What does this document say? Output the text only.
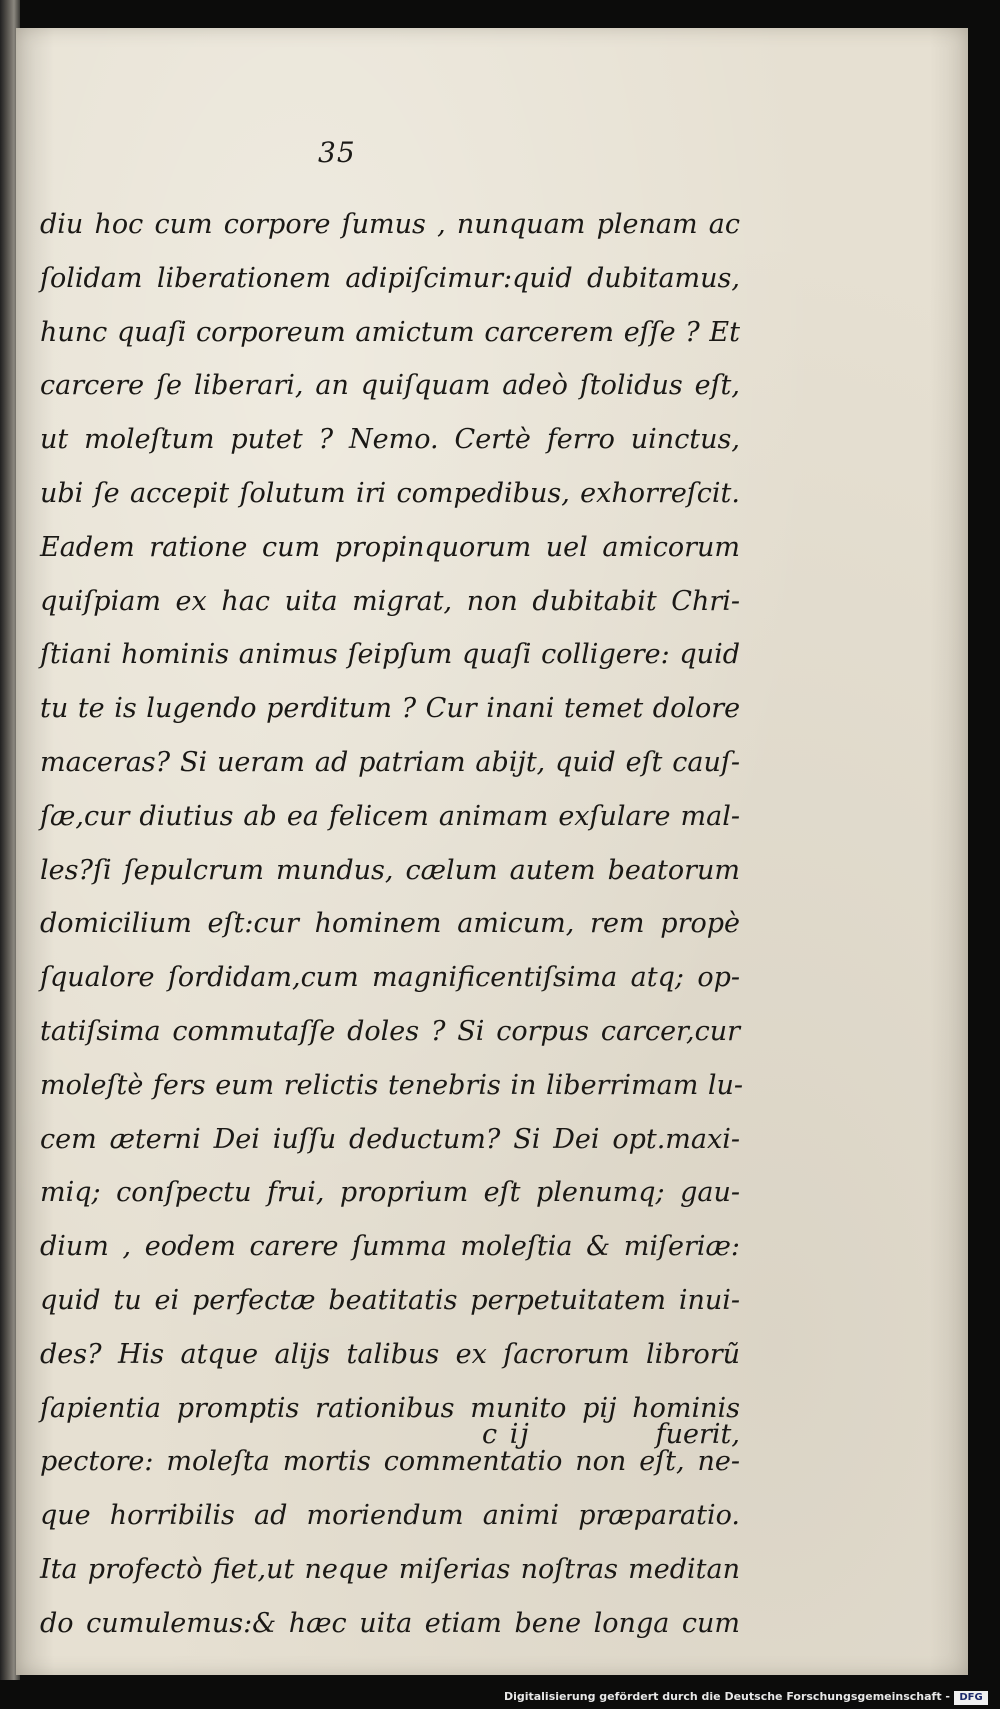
35
diu hoc cum corpore ſumus , nunquam plenam ac
ſolidam liberationem adipiſcimur:quid dubitamus,
hunc quaſi corporeum amictum carcerem eſſe ? Et
carcere ſe liberari, an quiſquam adeò ſtolidus eſt,
ut moleſtum putet ? Nemo. Certè ferro uinctus,
ubi ſe accepit ſolutum iri compedibus, exhorreſcit.
Eadem ratione cum propinquorum uel amicorum
quiſpiam ex hac uita migrat, non dubitabit Chri-
ſtiani hominis animus ſeipſum quaſi colligere: quid
tu te is lugendo perditum ? Cur inani temet dolore
maceras? Si ueram ad patriam abijt, quid eſt cauſ-
ſæ,cur diutius ab ea felicem animam exſulare mal-
les?ſi ſepulcrum mundus, cælum autem beatorum
domicilium eſt:cur hominem amicum, rem propè
ſqualore ſordidam,cum magnificentiſsima atq; op-
tatiſsima commutaſſe doles ? Si corpus carcer,cur
moleſtè fers eum relictis tenebris in liberrimam lu-
cem æterni Dei iuſſu deductum? Si Dei opt.maxi-
miq; conſpectu frui, proprium eſt plenumq; gau-
dium , eodem carere ſumma moleſtia & miſeriæ:
quid tu ei perfectæ beatitatis perpetuitatem inui-
des? His atque alijs talibus ex ſacrorum librorũ
ſapientia promptis rationibus munito pij hominis
pectore: moleſta mortis commentatio non eſt, ne-
que horribilis ad moriendum animi præparatio.
Ita profectò fiet,ut neque miſerias noſtras meditan
do cumulemus:& hæc uita etiam bene longa cum
c ij	fuerit,
Digitalisierung gefördert durch die Deutsche Forschungsgemeinschaft - DFG
